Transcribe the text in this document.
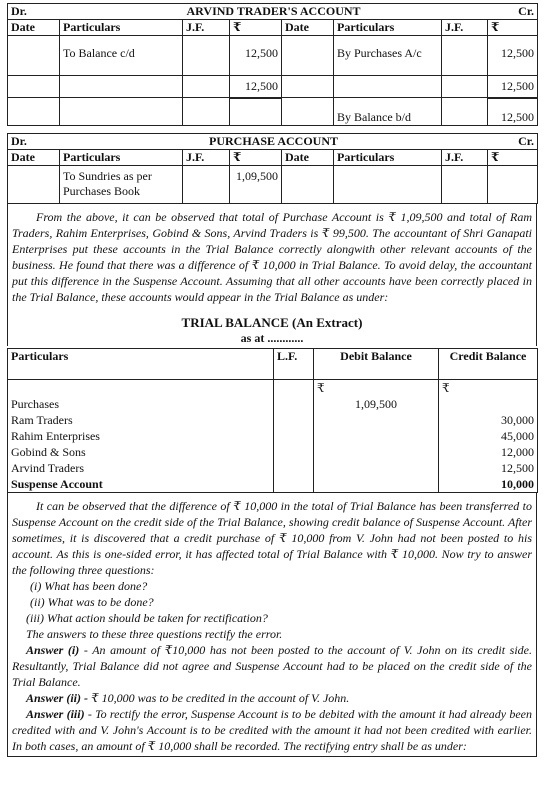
Dr.	ARVIND TRADER'S ACCOUNT						Cr.
Date	Particulars	J.F.	₹	Date	Particulars	J.F.	₹
	To Balance c/d		12,500		By Purchases A/c		12,500
			12,500				12,500
					By Balance b/d		12,500
Dr.	PURCHASE ACCOUNT						Cr.
Date	Particulars	J.F.	₹	Date	Particulars	J.F.	₹
	To Sundries as per Purchases Book		1,09,500				

From the above, it can be observed that total of Purchase Account is ₹ 1,09,500 and total of Ram Traders, Rahim Enterprises, Gobind & Sons, Arvind Traders is ₹ 99,500. The accountant of Shri Ganapati Enterprises put these accounts in the Trial Balance correctly alongwith other relevant accounts of the business. He found that there was a difference of ₹ 10,000 in Trial Balance. To avoid delay, the accountant put this difference in the Suspense Account. Assuming that all other accounts have been correctly placed in the Trial Balance, these accounts would appear in the Trial Balance as under:

TRIAL BALANCE (An Extract)
as at ............
Particulars	L.F.	Debit Balance	Credit Balance
		₹	₹
Purchases		1,09,500	
Ram Traders			30,000
Rahim Enterprises			45,000
Gobind & Sons			12,000
Arvind Traders			12,500
Suspense Account			10,000

It can be observed that the difference of ₹ 10,000 in the total of Trial Balance has been transferred to Suspense Account on the credit side of the Trial Balance, showing credit balance of Suspense Account. After sometimes, it is discovered that a credit purchase of ₹ 10,000 from V. John had not been posted to his account. As this is one-sided error, it has affected total of Trial Balance with ₹ 10,000. Now try to answer the following three questions:

(i) What has been done?

(ii) What was to be done?

(iii) What action should be taken for rectification?

The answers to these three questions rectify the error.

Answer (i) - An amount of ₹10,000 has not been posted to the account of V. John on its credit side. Resultantly, Trial Balance did not agree and Suspense Account had to be placed on the credit side of the Trial Balance.

Answer (ii) - ₹ 10,000 was to be credited in the account of V. John.

Answer (iii) - To rectify the error, Suspense Account is to be debited with the amount it had already been credited with and V. John's Account is to be credited with the amount it had not been credited with earlier. In both cases, an amount of ₹ 10,000 shall be recorded. The rectifying entry shall be as under:
